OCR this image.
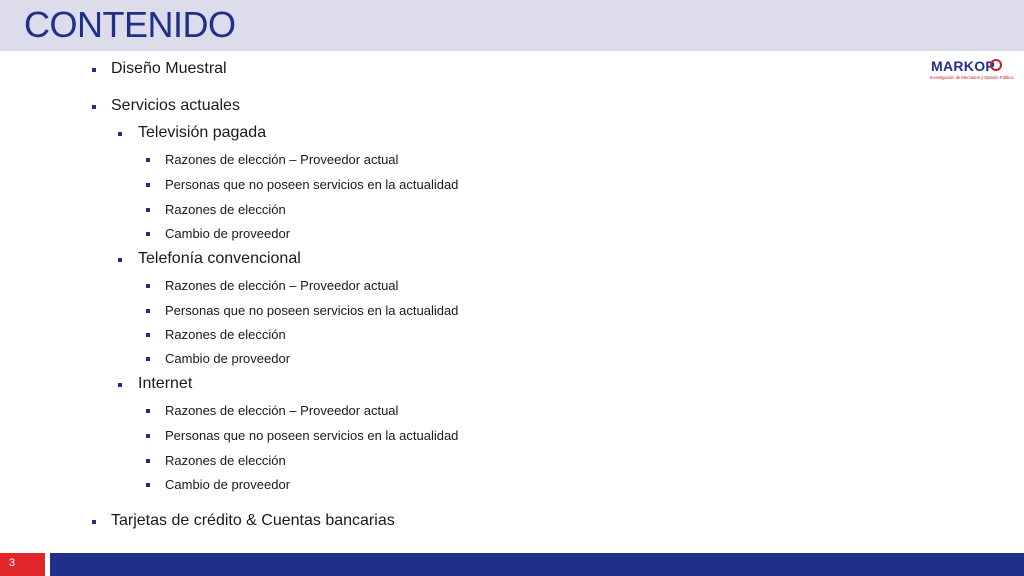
CONTENIDO
MARKOP
Investigación de Mercados y Opinión Pública
Diseño Muestral
Servicios actuales
Televisión pagada
Razones de elección – Proveedor actual
Personas que no poseen servicios en la actualidad
Razones de elección
Cambio de proveedor
Telefonía convencional
Razones de elección – Proveedor actual
Personas que no poseen servicios en la actualidad
Razones de elección
Cambio de proveedor
Internet
Razones de elección – Proveedor actual
Personas que no poseen servicios en la actualidad
Razones de elección
Cambio de proveedor
Tarjetas de crédito & Cuentas bancarias
3
